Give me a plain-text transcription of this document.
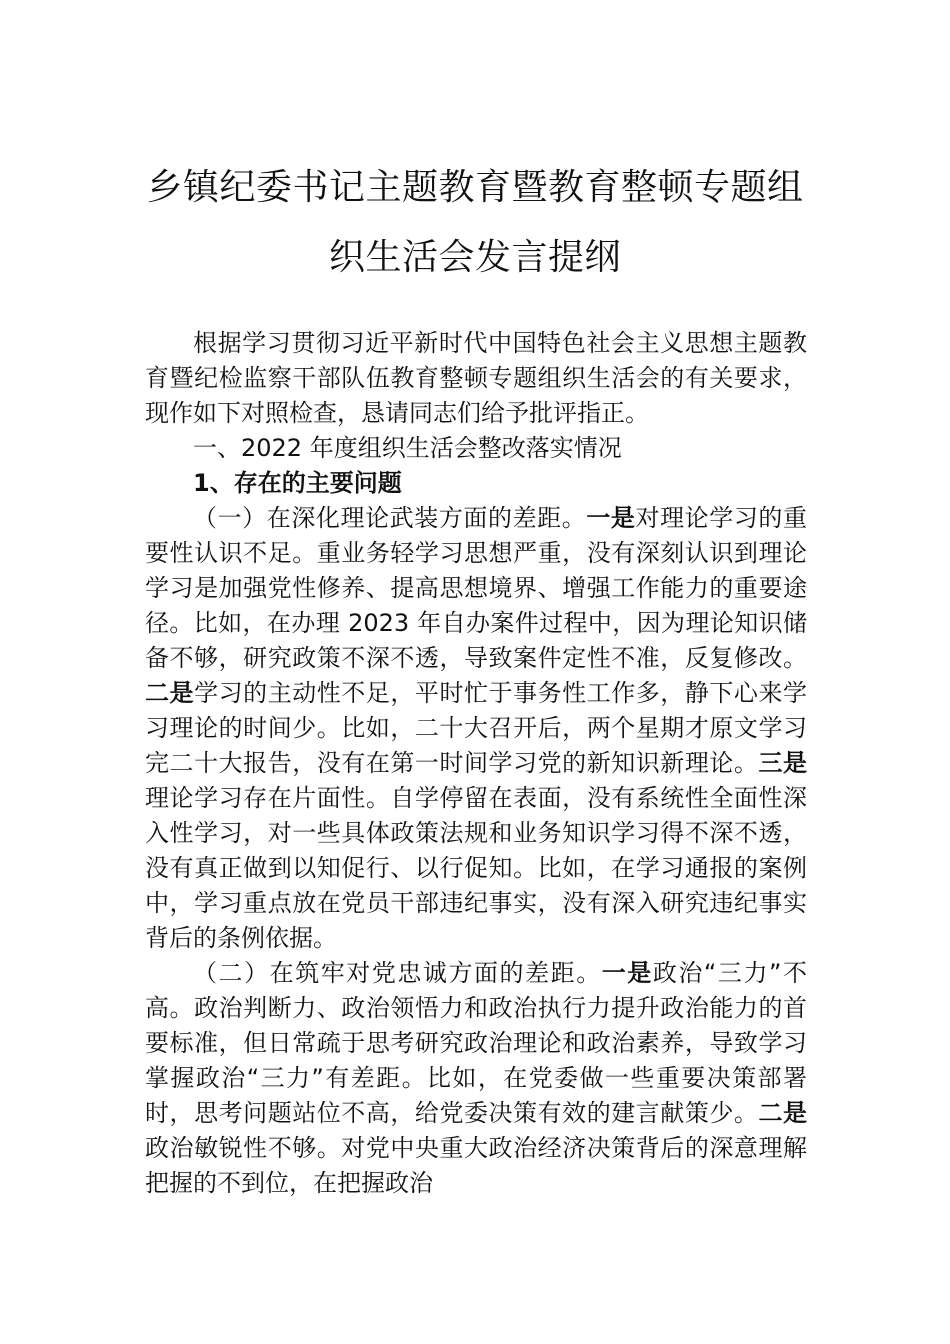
乡镇纪委书记主题教育暨教育整顿专题组
织生活会发言提纲

根据学习贯彻习近平新时代中国特色社会主义思想主题教育暨纪检监察干部队伍教育整顿专题组织生活会的有关要求，现作如下对照检查，恳请同志们给予批评指正。

一、2022 年度组织生活会整改落实情况

1、存在的主要问题

（一）在深化理论武装方面的差距。一是对理论学习的重要性认识不足。重业务轻学习思想严重，没有深刻认识到理论学习是加强党性修养、提高思想境界、增强工作能力的重要途径。比如，在办理 2023 年自办案件过程中，因为理论知识储备不够，研究政策不深不透，导致案件定性不准，反复修改。二是学习的主动性不足，平时忙于事务性工作多，静下心来学习理论的时间少。比如，二十大召开后，两个星期才原文学习完二十大报告，没有在第一时间学习党的新知识新理论。三是理论学习存在片面性。自学停留在表面，没有系统性全面性深入性学习，对一些具体政策法规和业务知识学习得不深不透，没有真正做到以知促行、以行促知。比如，在学习通报的案例中，学习重点放在党员干部违纪事实，没有深入研究违纪事实背后的条例依据。

（二）在筑牢对党忠诚方面的差距。一是政治“三力”不高。政治判断力、政治领悟力和政治执行力提升政治能力的首要标准，但日常疏于思考研究政治理论和政治素养，导致学习掌握政治“三力”有差距。比如，在党委做一些重要决策部署时，思考问题站位不高，给党委决策有效的建言献策少。二是政治敏锐性不够。对党中央重大政治经济决策背后的深意理解把握的不到位，在把握政治
